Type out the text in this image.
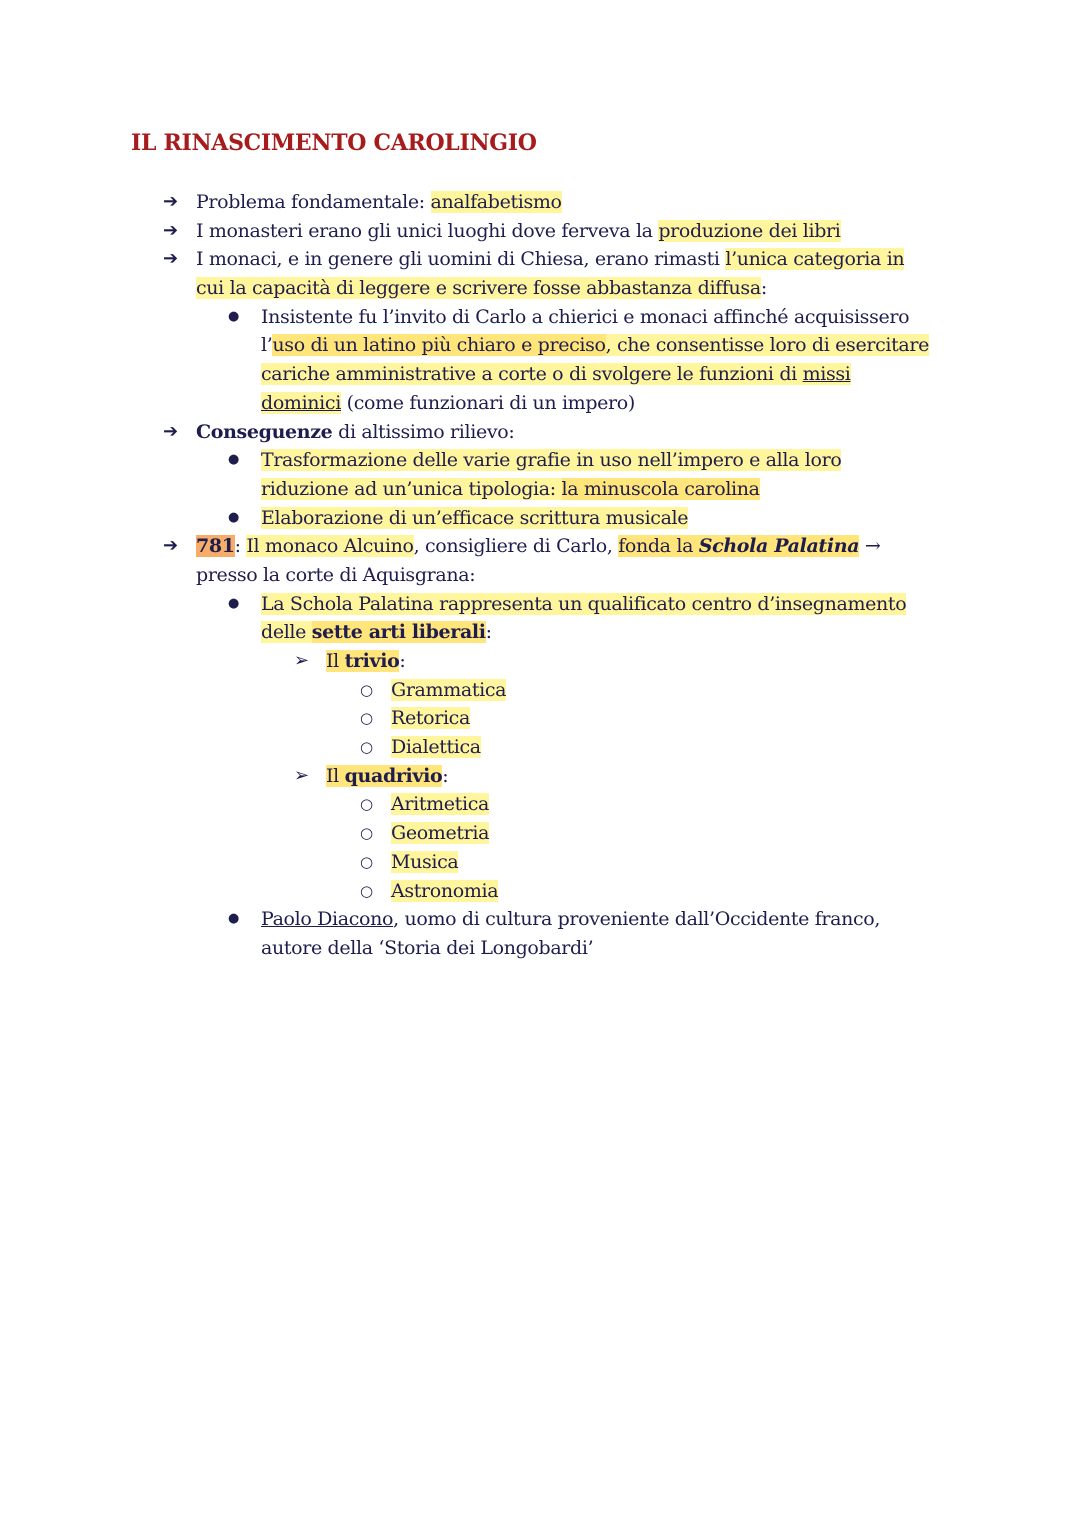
IL RINASCIMENTO CAROLINGIO
➔ Problema fondamentale: analfabetismo
➔ I monasteri erano gli unici luoghi dove ferveva la produzione dei libri
➔ I monaci, e in genere gli uomini di Chiesa, erano rimasti l’unica categoria in
cui la capacità di leggere e scrivere fosse abbastanza diffusa:
● Insistente fu l’invito di Carlo a chierici e monaci affinché acquisissero
l’uso di un latino più chiaro e preciso, che consentisse loro di esercitare
cariche amministrative a corte o di svolgere le funzioni di missi
dominici (come funzionari di un impero)
➔ Conseguenze di altissimo rilievo:
● Trasformazione delle varie grafie in uso nell’impero e alla loro
riduzione ad un’unica tipologia: la minuscola carolina
● Elaborazione di un’efficace scrittura musicale
➔ 781: Il monaco Alcuino, consigliere di Carlo, fonda la Schola Palatina →
presso la corte di Aquisgrana:
● La Schola Palatina rappresenta un qualificato centro d’insegnamento
delle sette arti liberali:
➢ Il trivio:
○ Grammatica
○ Retorica
○ Dialettica
➢ Il quadrivio:
○ Aritmetica
○ Geometria
○ Musica
○ Astronomia
● Paolo Diacono, uomo di cultura proveniente dall’Occidente franco,
autore della ‘Storia dei Longobardi’
